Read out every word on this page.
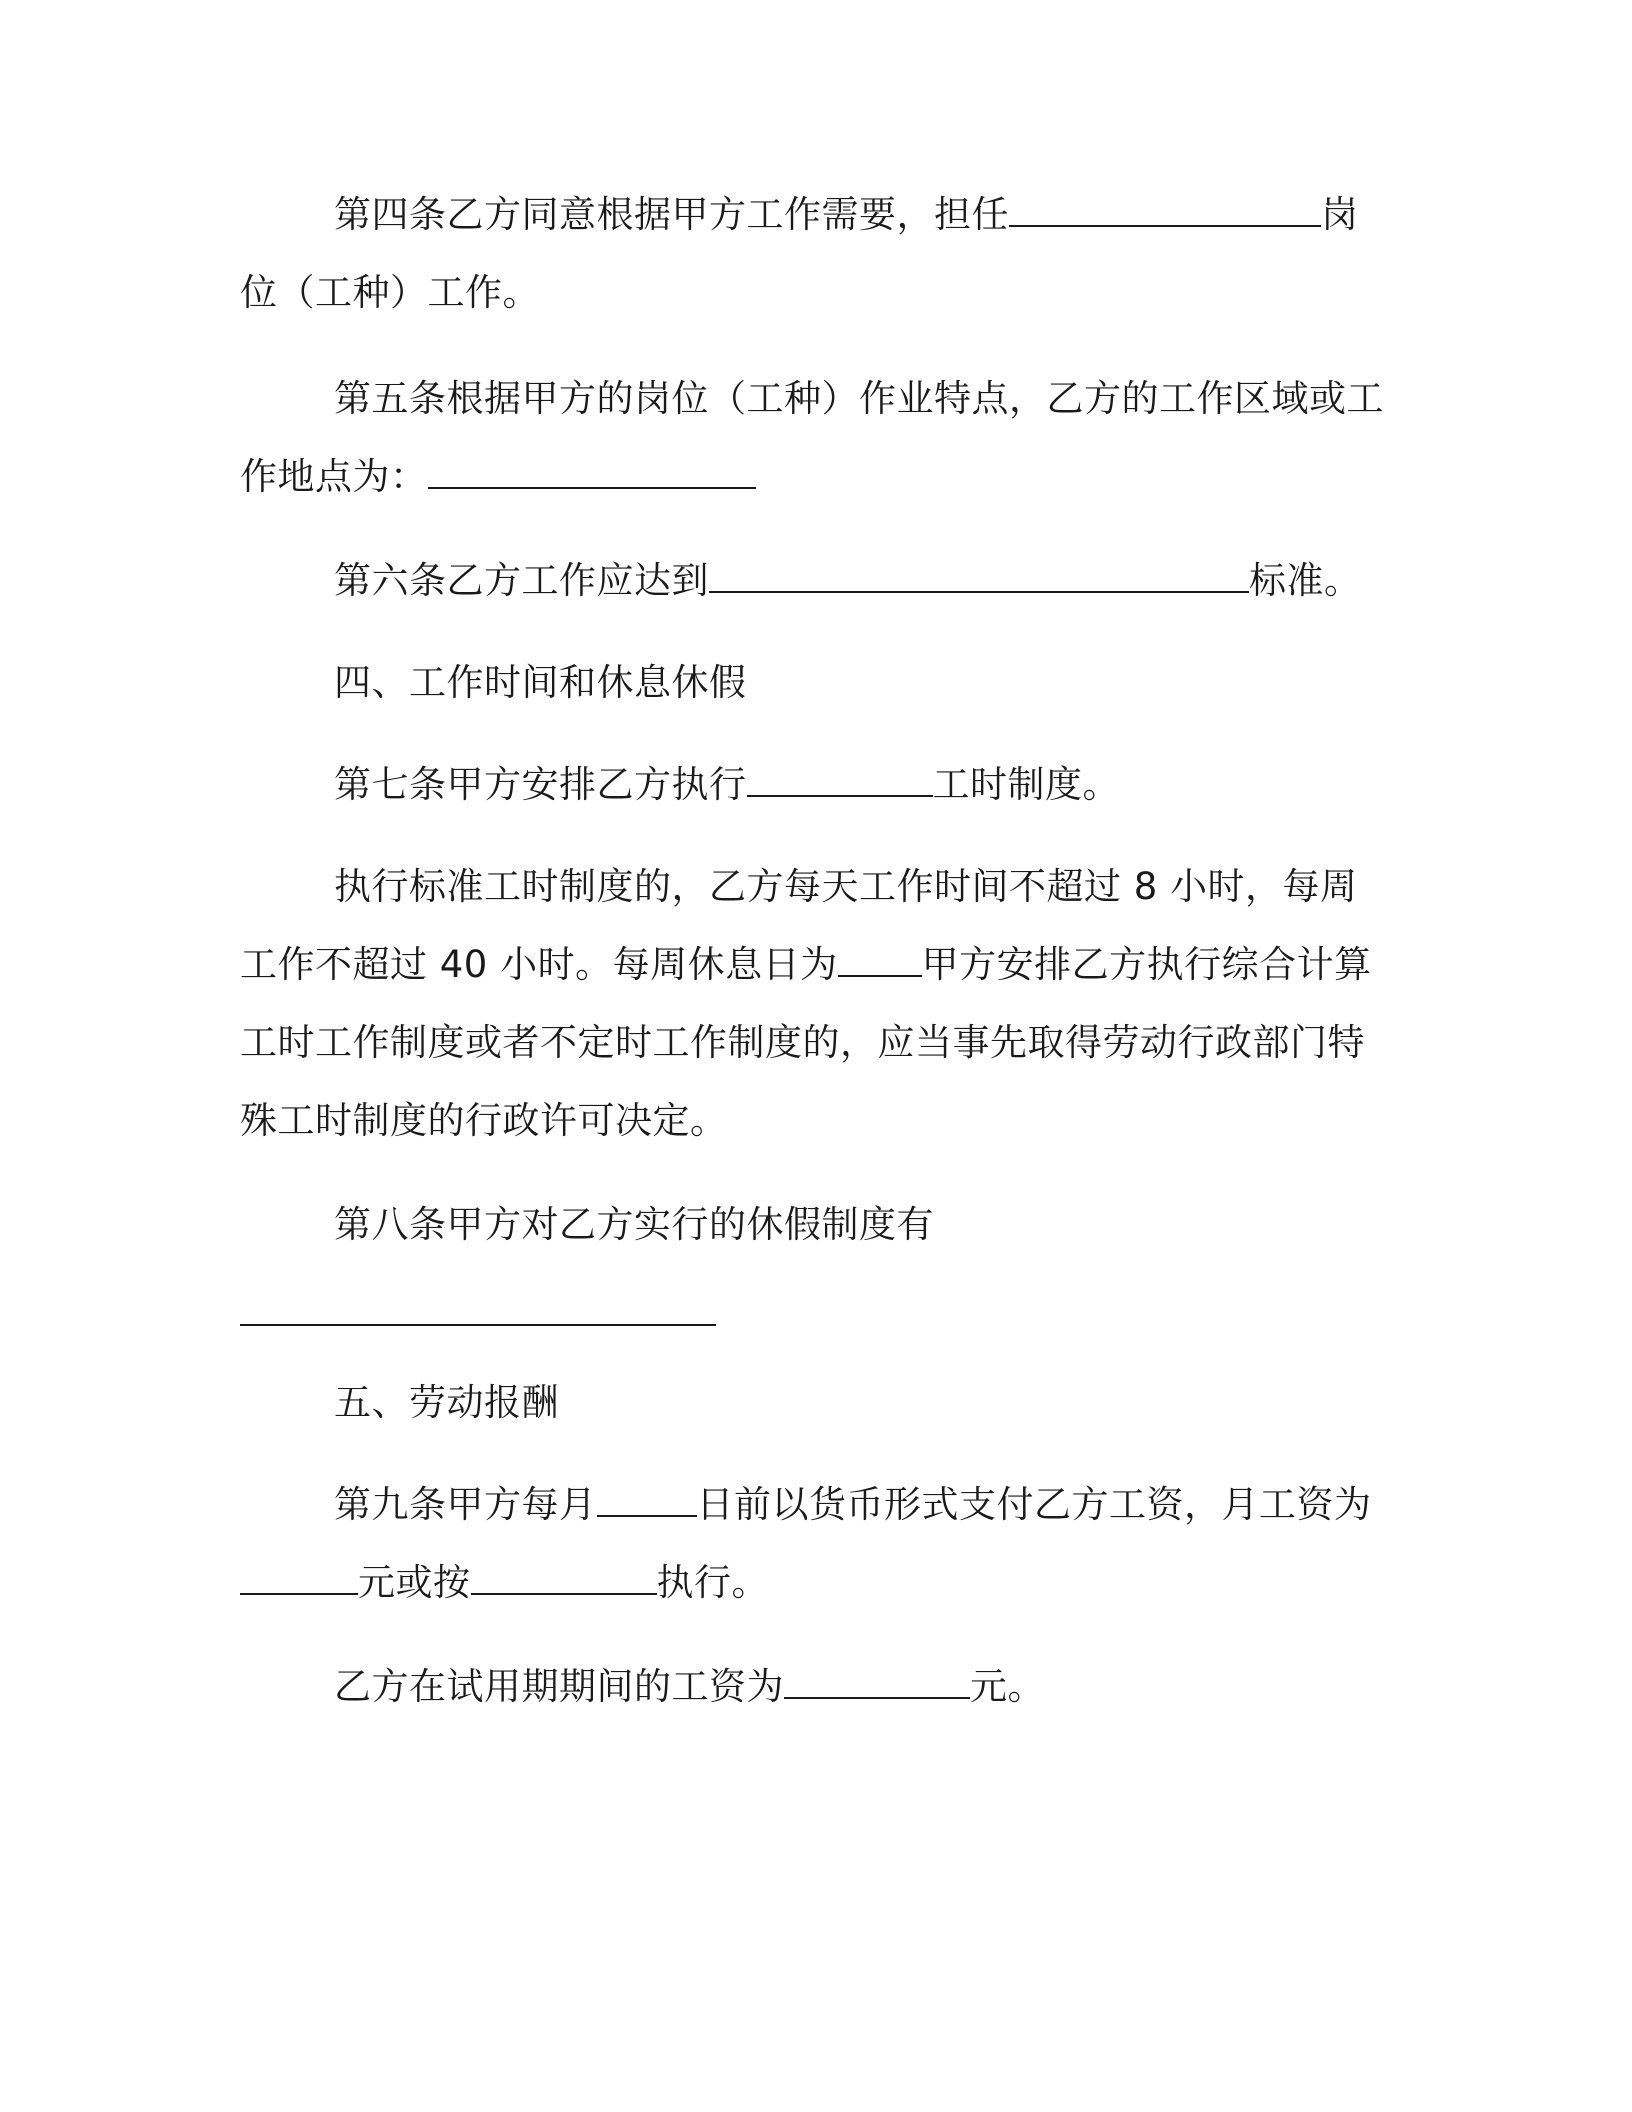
第四条乙方同意根据甲方工作需要，担任	岗位（工种）工作。

第五条根据甲方的岗位（工种）作业特点，乙方的工作区域或工作地点为：

第六条乙方工作应达到	标准。

四、工作时间和休息休假

第七条甲方安排乙方执行	工时制度。

执行标准工时制度的，乙方每天工作时间不超过 8 小时，每周工作不超过 40 小时。每周休息日为 甲方安排乙方执行综合计算工时工作制度或者不定时工作制度的，应当事先取得劳动行政部门特殊工时制度的行政许可决定。

第八条甲方对乙方实行的休假制度有

五、劳动报酬

第九条甲方每月	日前以货币形式支付乙方工资，月工资为元或按	执行。

乙方在试用期期间的工资为	元。
